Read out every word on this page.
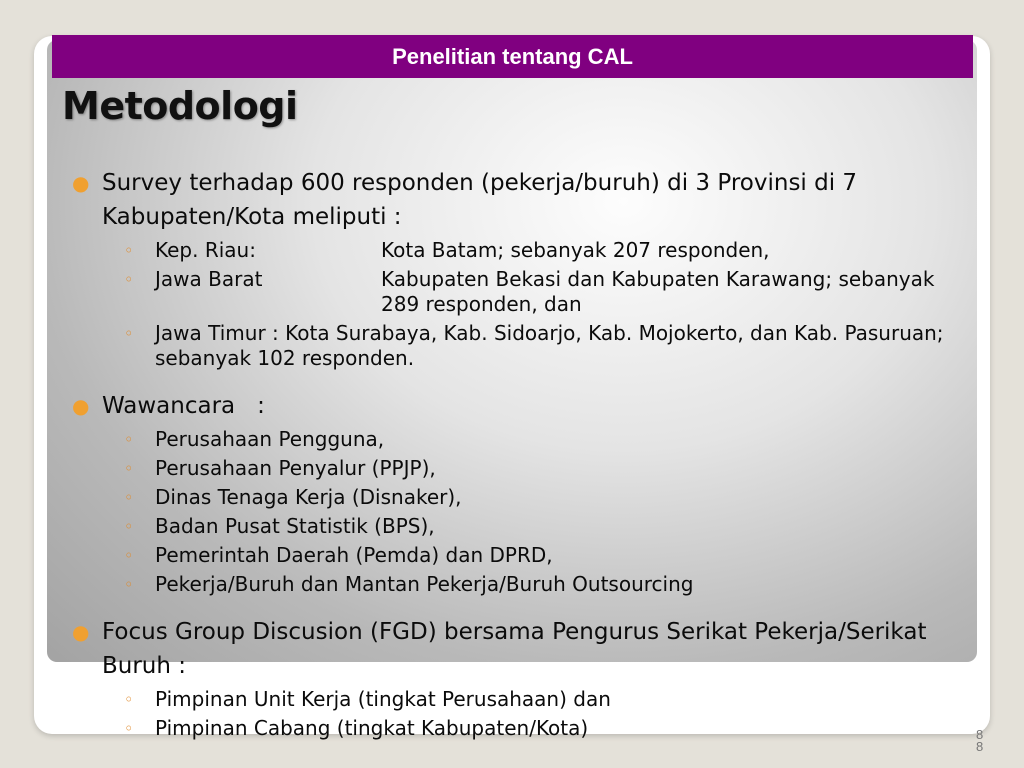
Penelitian tentang CAL
Metodologi
● Survey terhadap 600 responden (pekerja/buruh) di 3 Provinsi di 7 Kabupaten/Kota meliputi :
◦ Kep. Riau:	Kota Batam; sebanyak 207 responden,
◦ Jawa Barat	Kabupaten Bekasi dan Kabupaten Karawang; sebanyak 289 responden, dan
◦ Jawa Timur : Kota Surabaya, Kab. Sidoarjo, Kab. Mojokerto, dan Kab. Pasuruan; sebanyak 102 responden.
● Wawancara   :
◦ Perusahaan Pengguna,
◦ Perusahaan Penyalur (PPJP),
◦ Dinas Tenaga Kerja (Disnaker),
◦ Badan Pusat Statistik (BPS),
◦ Pemerintah Daerah (Pemda) dan DPRD,
◦ Pekerja/Buruh dan Mantan Pekerja/Buruh Outsourcing
● Focus Group Discusion (FGD) bersama Pengurus Serikat Pekerja/Serikat Buruh :
◦ Pimpinan Unit Kerja (tingkat Perusahaan) dan
◦ Pimpinan Cabang (tingkat Kabupaten/Kota)	8
8
